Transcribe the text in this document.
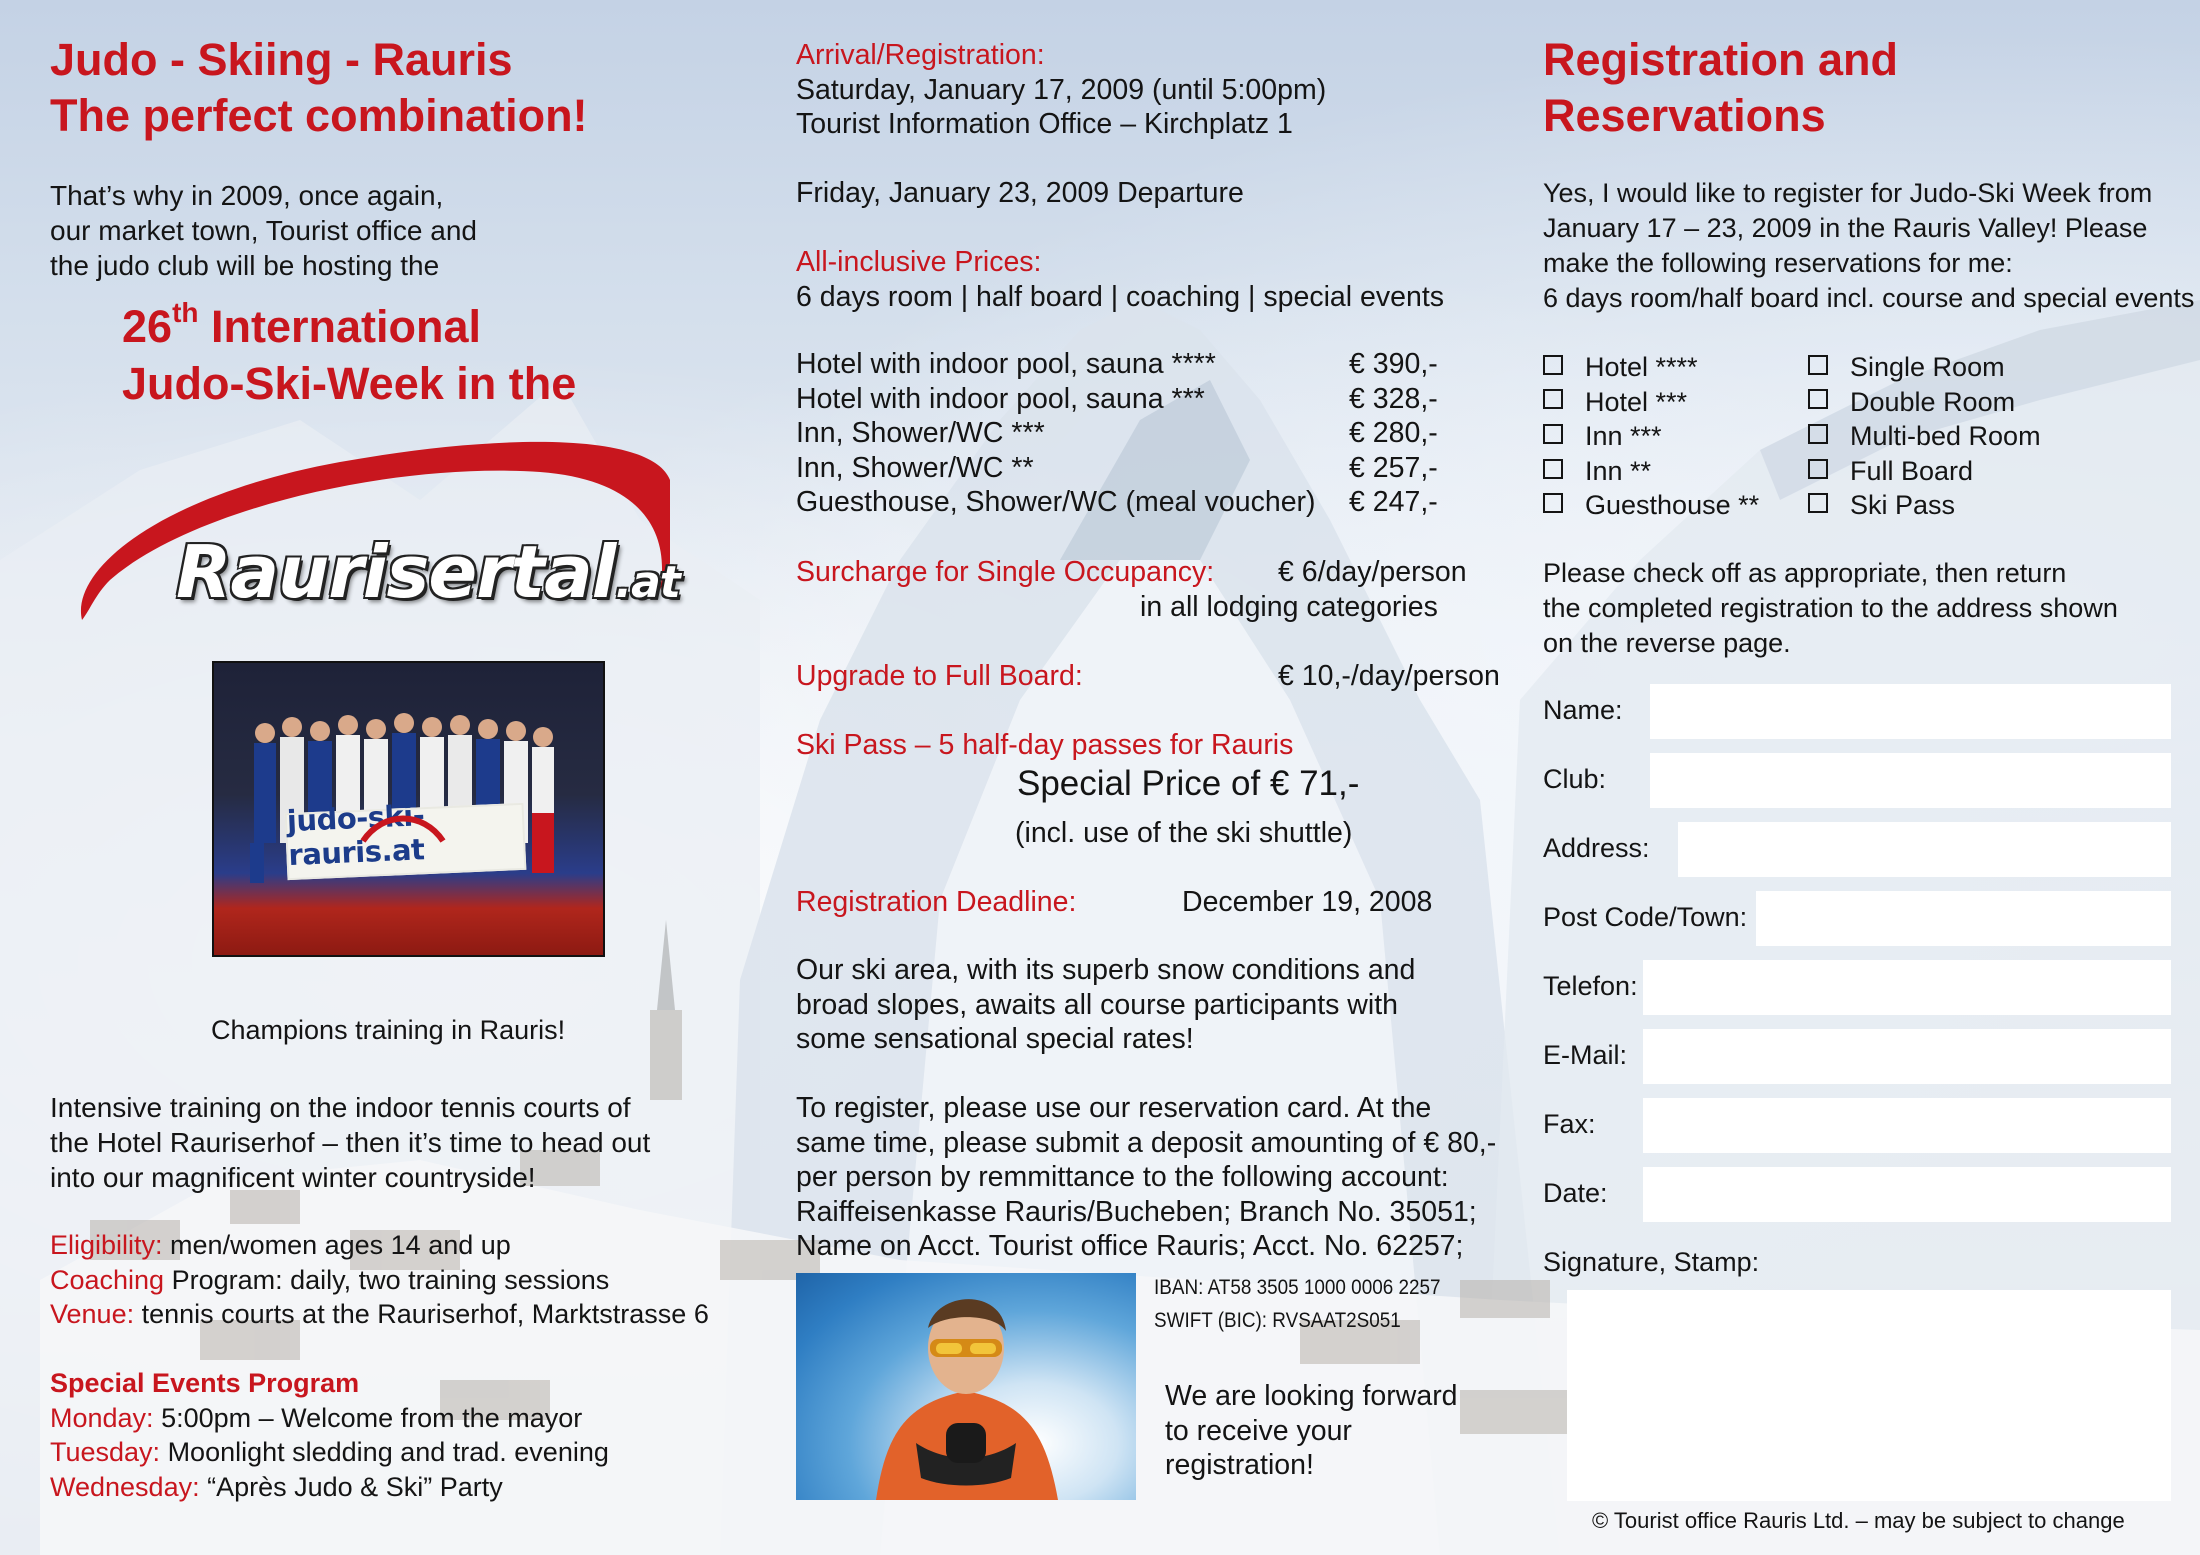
Judo - Skiing - Rauris
The perfect combination!
That’s why in 2009, once again,
our market town, Tourist office and
the judo club will be hosting the
26th International
Judo-Ski-Week in the
Raurisertal.at
judo-ski-rauris.at
Champions training in Rauris!
Intensive training on the indoor tennis courts of
the Hotel Rauriserhof – then it’s time to head out
into our magnificent winter countryside!
Eligibility: men/women ages 14 and up
Coaching Program: daily, two training sessions
Venue: tennis courts at the Rauriserhof, Marktstrasse 6
Special Events Program
Monday: 5:00pm – Welcome from the mayor
Tuesday: Moonlight sledding and trad. evening
Wednesday: “Après Judo & Ski” Party
Arrival/Registration:
Saturday, January 17, 2009 (until 5:00pm)
Tourist Information Office – Kirchplatz 1
Friday, January 23, 2009 Departure
All-inclusive Prices:
6 days room | half board | coaching | special events
Hotel with indoor pool, sauna ****	€ 390,-
Hotel with indoor pool, sauna ***	€ 328,-
Inn, Shower/WC ***	€ 280,-
Inn, Shower/WC **	€ 257,-
Guesthouse, Shower/WC (meal voucher) € 247,-
Surcharge for Single Occupancy: € 6/day/person
in all lodging categories
Upgrade to Full Board:	€ 10,-/day/person
Ski Pass – 5 half-day passes for Rauris
Special Price of € 71,-
(incl. use of the ski shuttle)
Registration Deadline:	December 19, 2008
Our ski area, with its superb snow conditions and
broad slopes, awaits all course participants with
some sensational special rates!
To register, please use our reservation card. At the
same time, please submit a deposit amounting of € 80,-
per person by remmittance to the following account:
Raiffeisenkasse Rauris/Bucheben; Branch No. 35051;
Name on Acct. Tourist office Rauris; Acct. No. 62257;
IBAN: AT58 3505 1000 0006 2257
SWIFT (BIC): RVSAAT2S051
We are looking forward
to receive your
registration!
Registration and
Reservations
Yes, I would like to register for Judo-Ski Week from
January 17 – 23, 2009 in the Rauris Valley! Please
make the following reservations for me:
6 days room/half board incl. course and special events
Hotel ****
Hotel ***
Inn ***
Inn **
Guesthouse **
Single Room
Double Room
Multi-bed Room
Full Board
Ski Pass
Please check off as appropriate, then return
the completed registration to the address shown
on the reverse page.
Name:
Club:
Address:
Post Code/Town:
Telefon:
E-Mail:
Fax:
Date:
Signature, Stamp:
© Tourist office Rauris Ltd. – may be subject to change
